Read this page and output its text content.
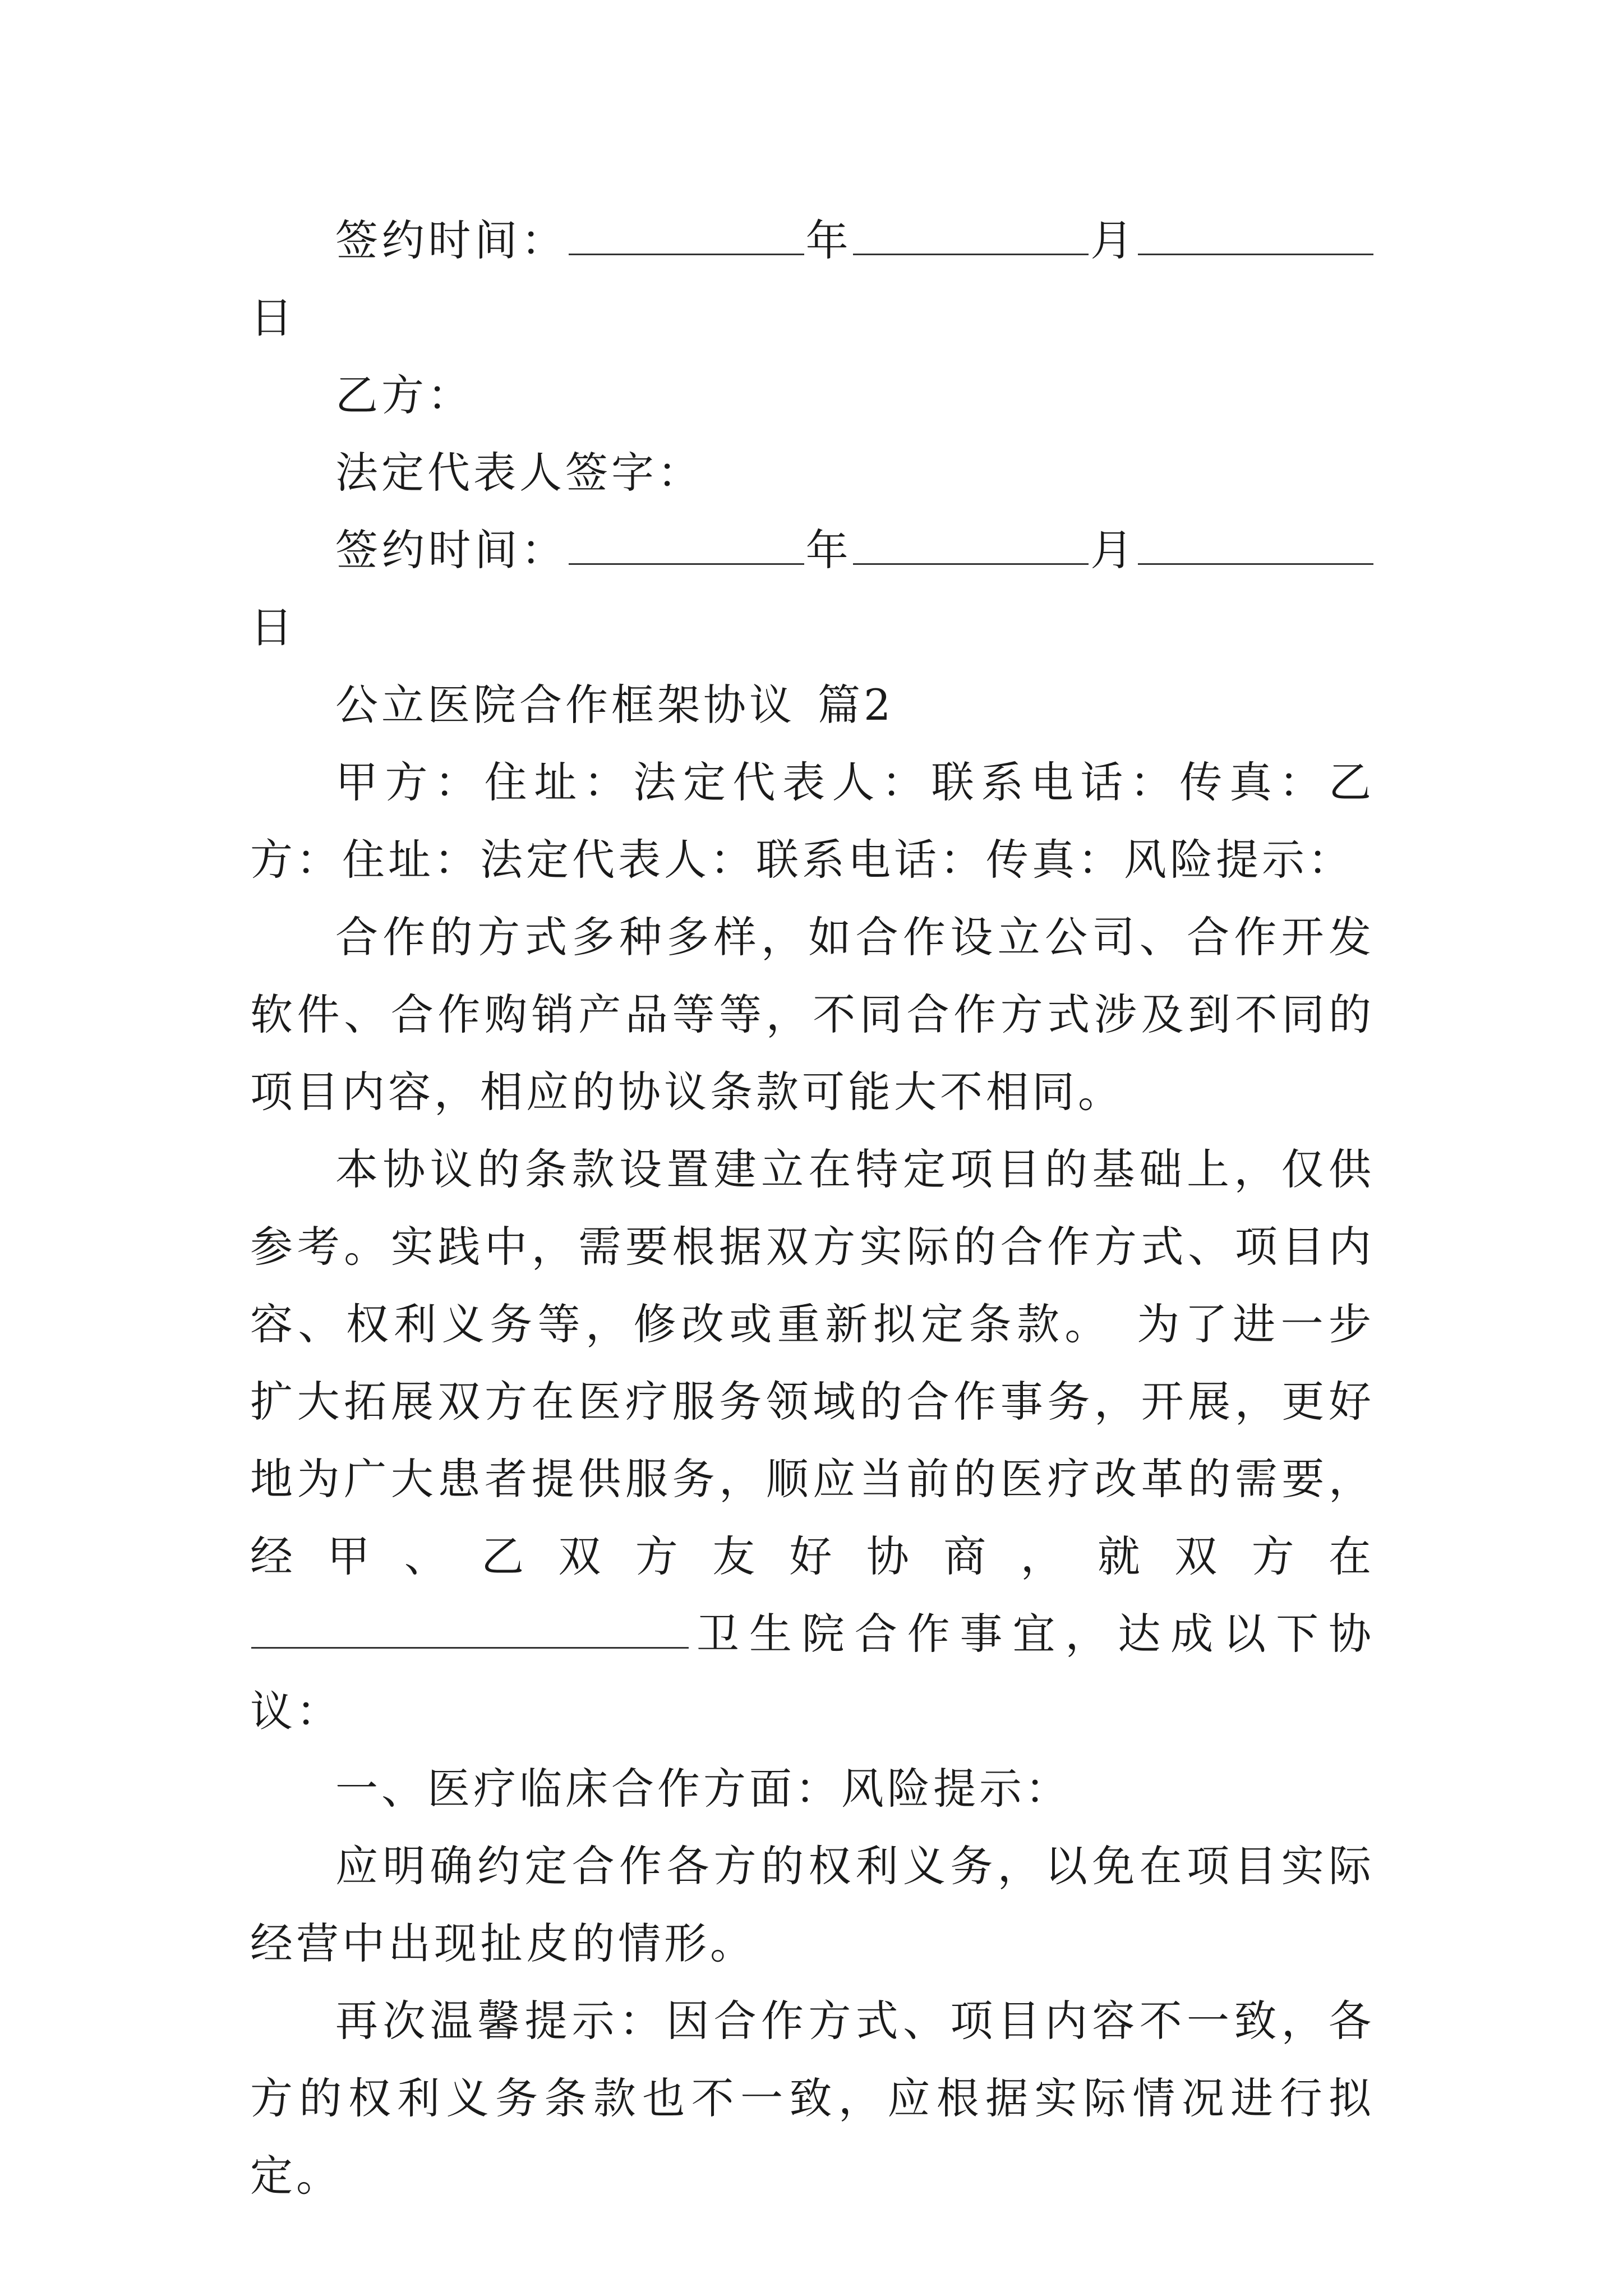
签约时间：	年	月日

乙方：

法定代表人签字：

签约时间：	年	月日

公立医院合作框架协议 篇2

甲方：住址：法定代表人：联系电话：传真：乙方：住址：法定代表人：联系电话：传真：风险提示：

合作的方式多种多样，如合作设立公司、合作开发软件、合作购销产品等等，不同合作方式涉及到不同的项目内容，相应的协议条款可能大不相同。

本协议的条款设置建立在特定项目的基础上，仅供参考。实践中，需要根据双方实际的合作方式、项目内容、权利义务等，修改或重新拟定条款。 为了进一步扩大拓展双方在医疗服务领域的合作事务，开展，更好地为广大患者提供服务，顺应当前的医疗改革的需要，经甲、乙双方友好协商，就双方在卫生院合作事宜，达成以下协议：

一、医疗临床合作方面：风险提示：

应明确约定合作各方的权利义务，以免在项目实际经营中出现扯皮的情形。

再次温馨提示：因合作方式、项目内容不一致，各方的权利义务条款也不一致，应根据实际情况进行拟定。
